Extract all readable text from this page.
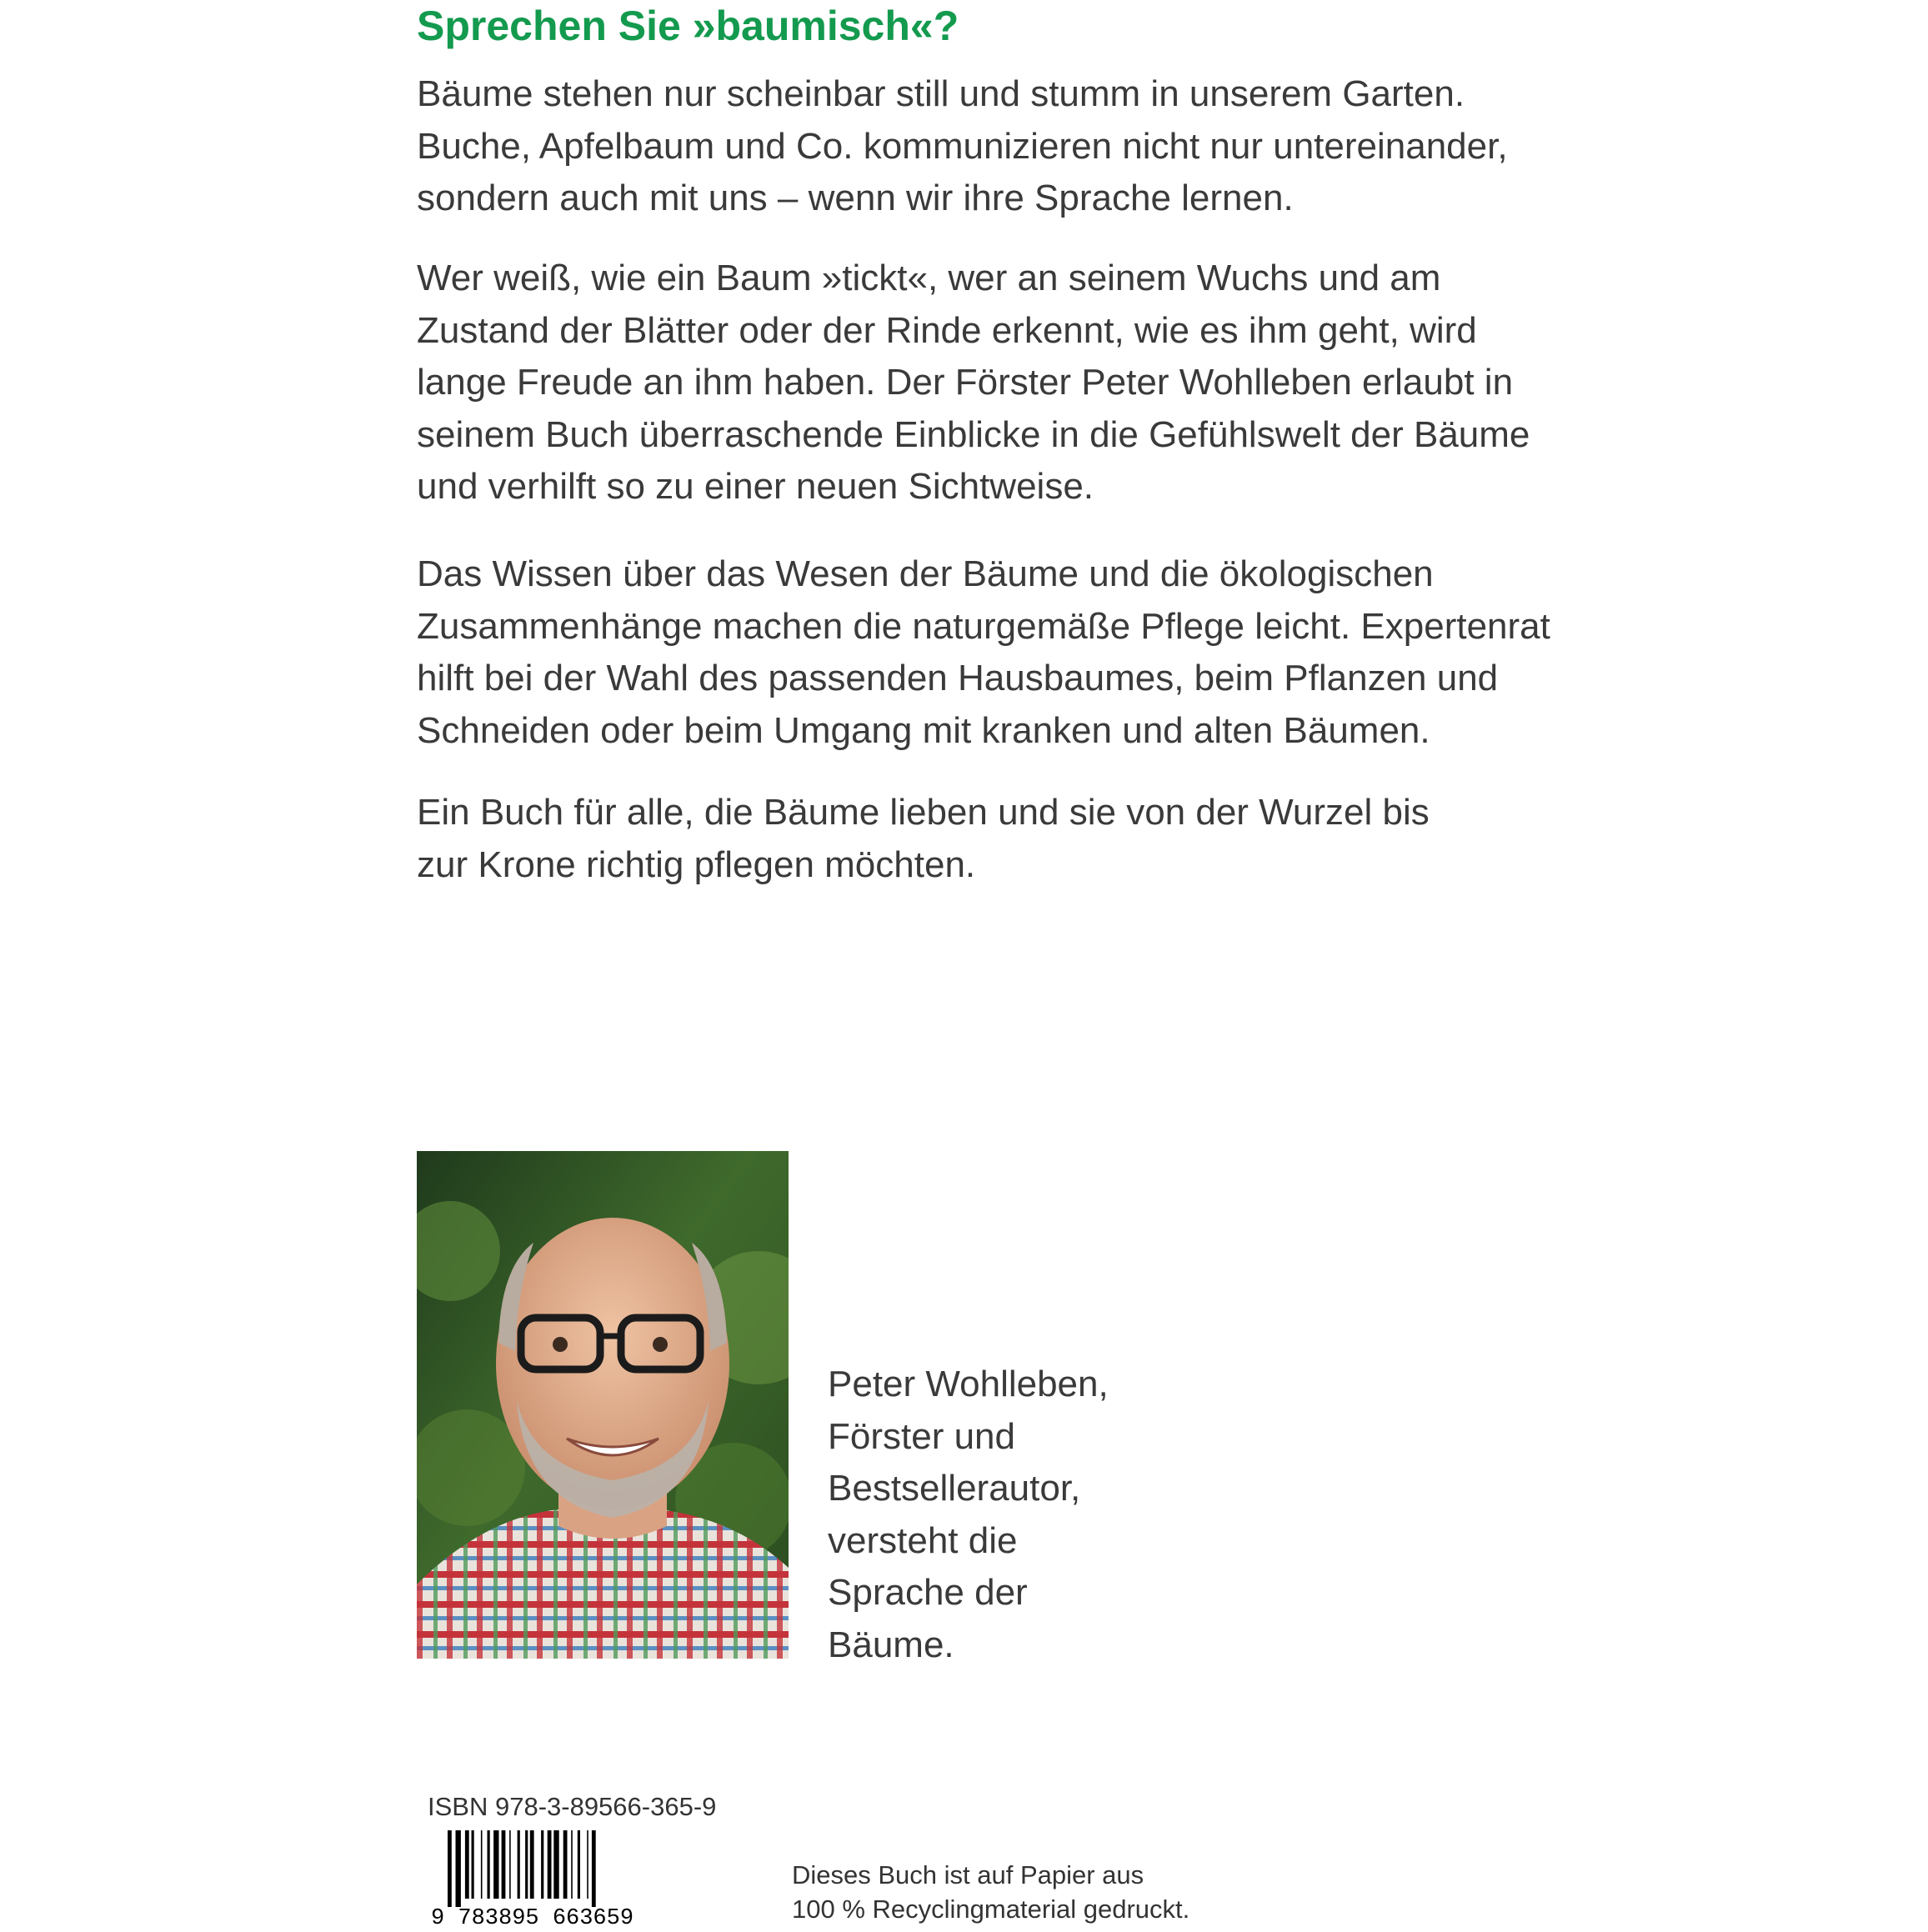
Sprechen Sie »baumisch«?

Bäume stehen nur scheinbar still und stumm in unserem Garten.
Buche, Apfelbaum und Co. kommunizieren nicht nur untereinander,
sondern auch mit uns – wenn wir ihre Sprache lernen.

Wer weiß, wie ein Baum »tickt«, wer an seinem Wuchs und am
Zustand der Blätter oder der Rinde erkennt, wie es ihm geht, wird
lange Freude an ihm haben. Der Förster Peter Wohlleben erlaubt in
seinem Buch überraschende Einblicke in die Gefühlswelt der Bäume
und verhilft so zu einer neuen Sichtweise.

Das Wissen über das Wesen der Bäume und die ökologischen
Zusammenhänge machen die naturgemäße Pflege leicht. Expertenrat
hilft bei der Wahl des passenden Hausbaumes, beim Pflanzen und
Schneiden oder beim Umgang mit kranken und alten Bäumen.

Ein Buch für alle, die Bäume lieben und sie von der Wurzel bis
zur Krone richtig pflegen möchten.

Peter Wohlleben,
Förster und
Bestsellerautor,
versteht die
Sprache der
Bäume.

ISBN 978-3-89566-365-9
9 783895 663659
Dieses Buch ist auf Papier aus
100 % Recyclingmaterial gedruckt.
